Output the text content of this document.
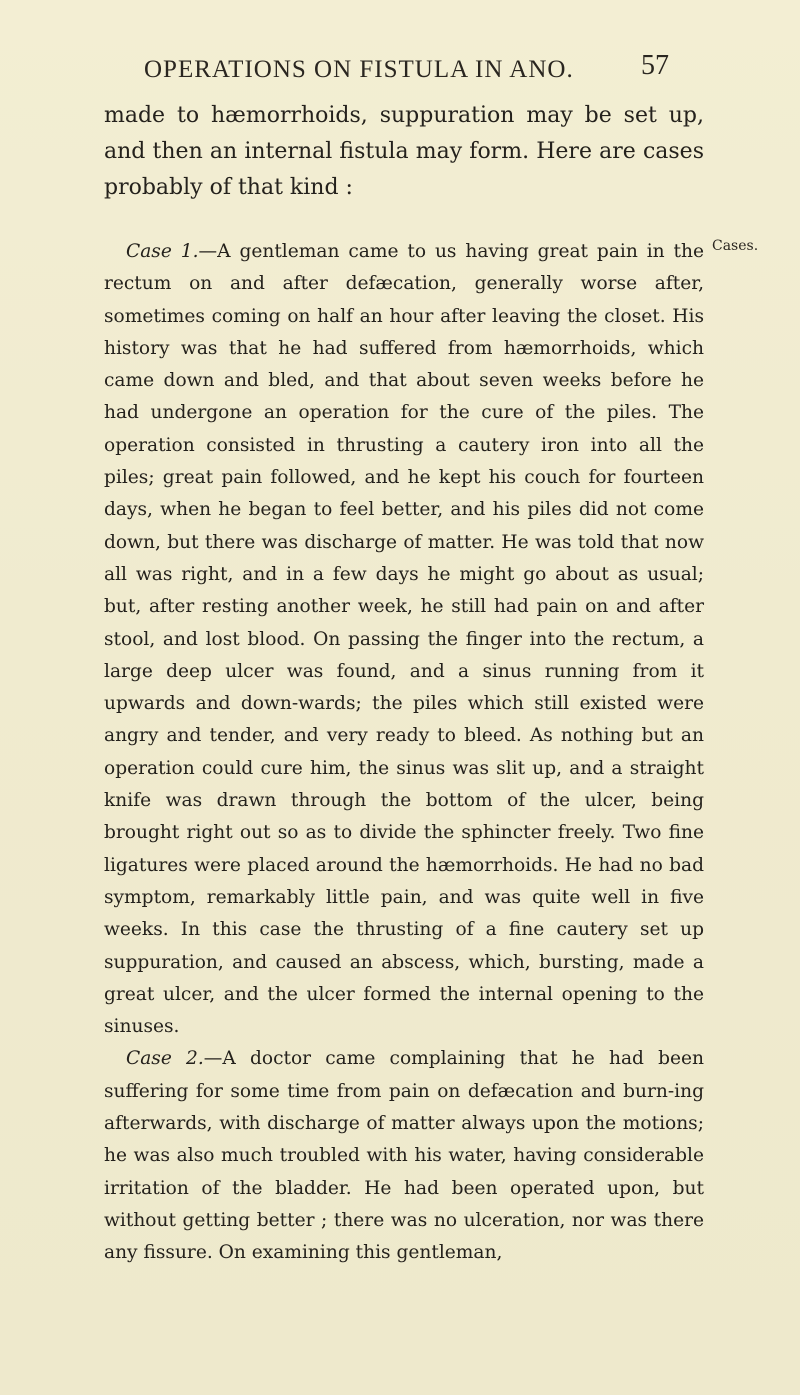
OPERATIONS ON FISTULA IN ANO. 57

made to hæmorrhoids, suppuration may be set up, and then an internal fistula may form. Here are cases probably of that kind :

Cases.

Case 1.—A gentleman came to us having great pain in the rectum on and after defæcation, generally worse after, sometimes coming on half an hour after leaving the closet. His history was that he had suffered from hæmorrhoids, which came down and bled, and that about seven weeks before he had undergone an operation for the cure of the piles. The operation consisted in thrusting a cautery iron into all the piles; great pain followed, and he kept his couch for fourteen days, when he began to feel better, and his piles did not come down, but there was discharge of matter. He was told that now all was right, and in a few days he might go about as usual; but, after resting another week, he still had pain on and after stool, and lost blood. On passing the finger into the rectum, a large deep ulcer was found, and a sinus running from it upwards and down-wards; the piles which still existed were angry and tender, and very ready to bleed. As nothing but an operation could cure him, the sinus was slit up, and a straight knife was drawn through the bottom of the ulcer, being brought right out so as to divide the sphincter freely. Two fine ligatures were placed around the hæmorrhoids. He had no bad symptom, remarkably little pain, and was quite well in five weeks. In this case the thrusting of a fine cautery set up suppuration, and caused an abscess, which, bursting, made a great ulcer, and the ulcer formed the internal opening to the sinuses.

Case 2.—A doctor came complaining that he had been suffering for some time from pain on defæcation and burn-ing afterwards, with discharge of matter always upon the motions; he was also much troubled with his water, having considerable irritation of the bladder. He had been operated upon, but without getting better ; there was no ulceration, nor was there any fissure. On examining this gentleman,
